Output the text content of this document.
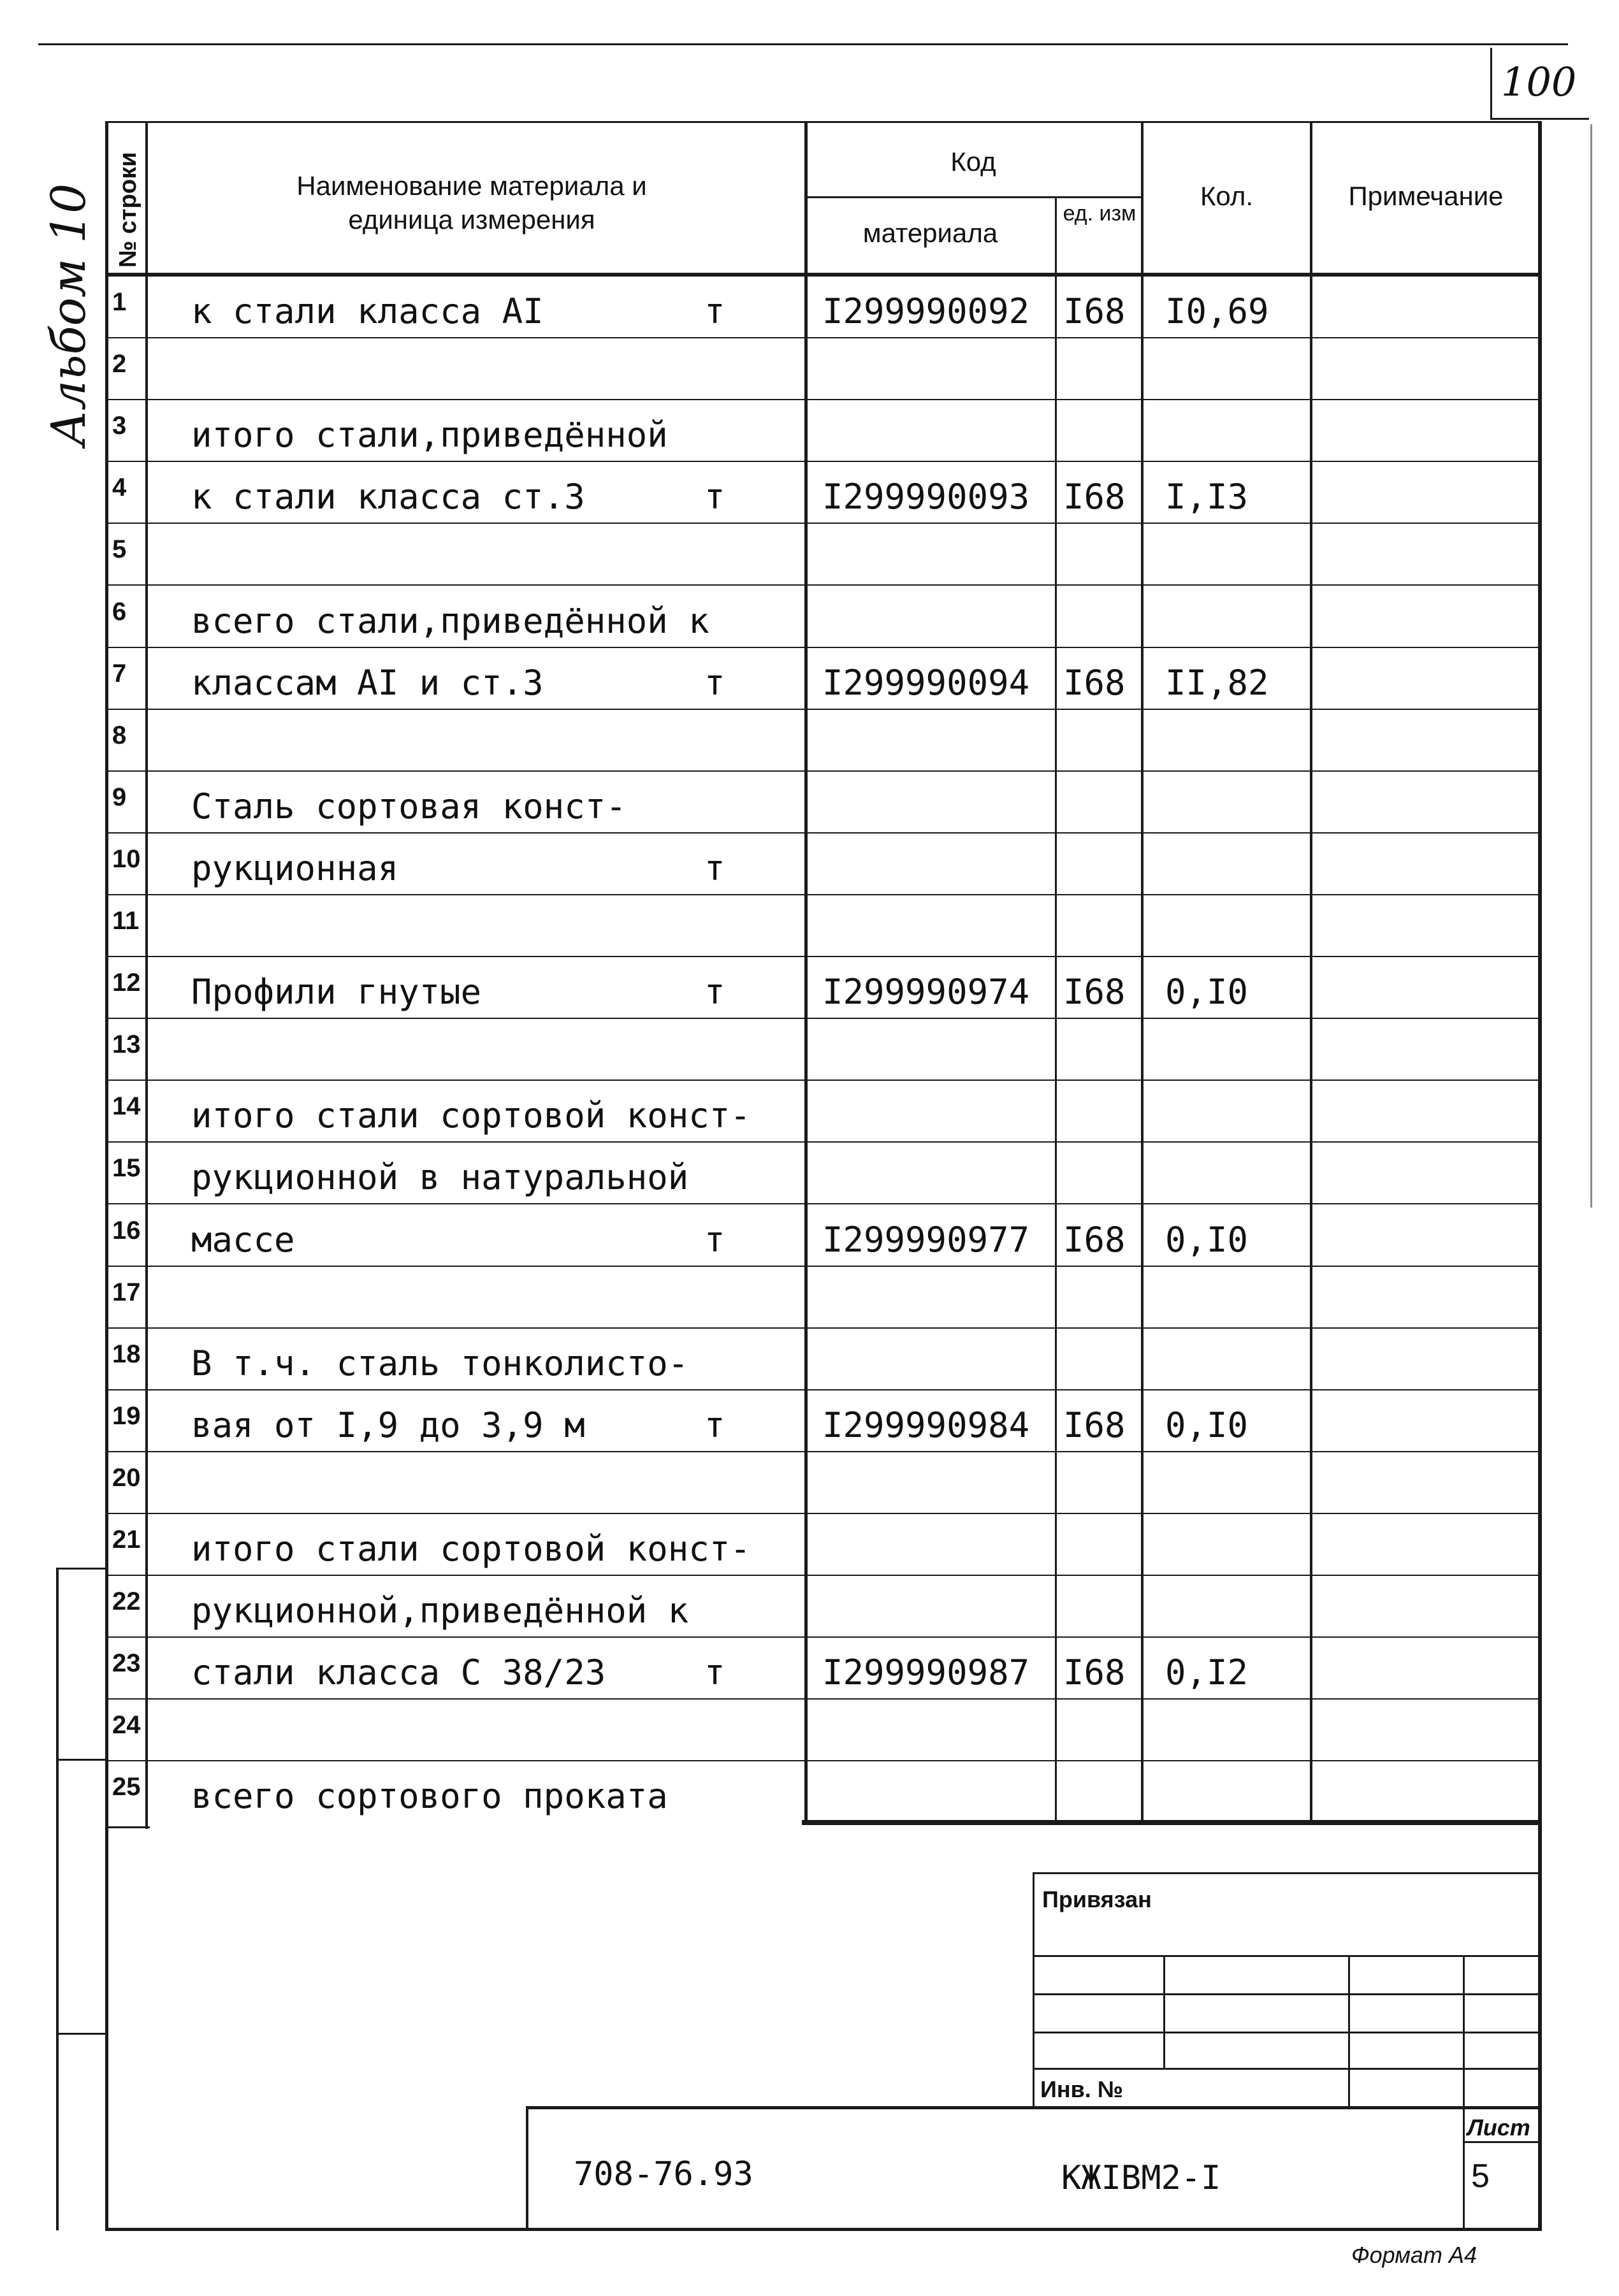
100
Альбом 10	Наименование материала и единица измерения
Код
материала
ед. изм
Кол.	Примечание
№ строки
1 к стали класса АI	т	I299990092 I68 I0,69
2
3 итого стали,приведённой
4 к стали класса ст.3	т	I299990093 I68 I,I3
5
6 всего стали,приведённой к
7 классам АI и ст.3	т	I299990094 I68 II,82
8
9 Сталь сортовая конст-
10 рукционная	т
11
12 Профили гнутые	т	I299990974 I68 0,I0
13
14 итого стали сортовой конст-
15 рукционной в натуральной
16 массе	т	I299990977 I68 0,I0
17
18 В т.ч. сталь тонколисто-
19 вая от I,9 до 3,9 м	т	I299990984 I68 0,I0
20
21 итого стали сортовой конст-
22 рукционной,приведённой к
23 стали класса С 38/23	т	I299990987 I68 0,I2
24
25 всего сортового проката
Привязан
Инв. №
Лист
5
708-76.93	КЖIВМ2-I
Формат А4
